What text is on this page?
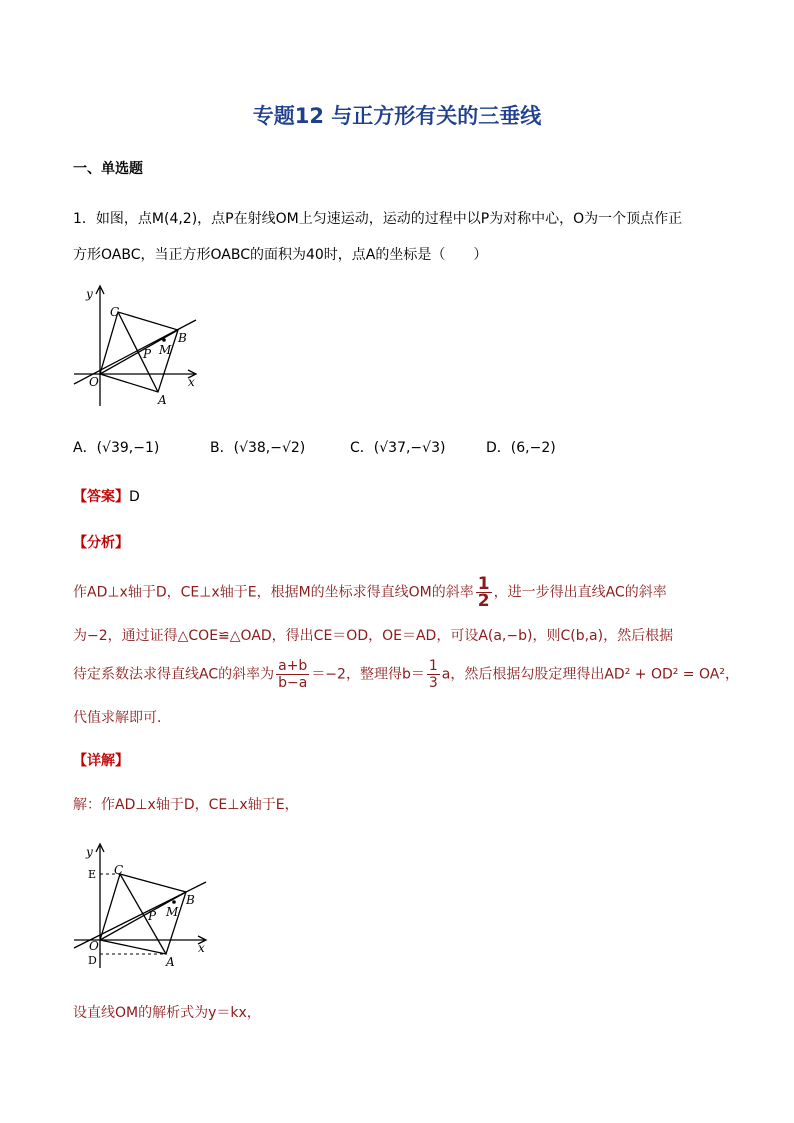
专题12 与正方形有关的三垂线
一、单选题
1．如图，点M(4,2)，点P在射线OM上匀速运动，运动的过程中以P为对称中心，O为一个顶点作正
方形OABC，当正方形OABC的面积为40时，点A的坐标是（　　）
y
C
B
P M
O
A
x
A．(√39,−1)	B．(√38,−√2)	C．(√37,−√3)	D．(6,−2)
【答案】D
【分析】
作AD⊥x轴于D，CE⊥x轴于E，根据M的坐标求得直线OM的斜率 $\frac{1}{2}$ ，进一步得出直线AC的斜率
为−2，通过证得△COE≌△OAD，得出CE＝OD，OE＝AD，可设A(a,−b)，则C(b,a)，然后根据
待定系数法求得直线AC的斜率为 $\frac{a+b}{b-a} =-2$，整理得$b= \frac{1}{3}$ a，然后根据勾股定理得出AD² + OD² = OA²，
代值求解即可．
【详解】
解：作AD⊥x轴于D，CE⊥x轴于E，
y
E C
B
P M
O
D	A
x
设直线OM的解析式为y＝kx，
